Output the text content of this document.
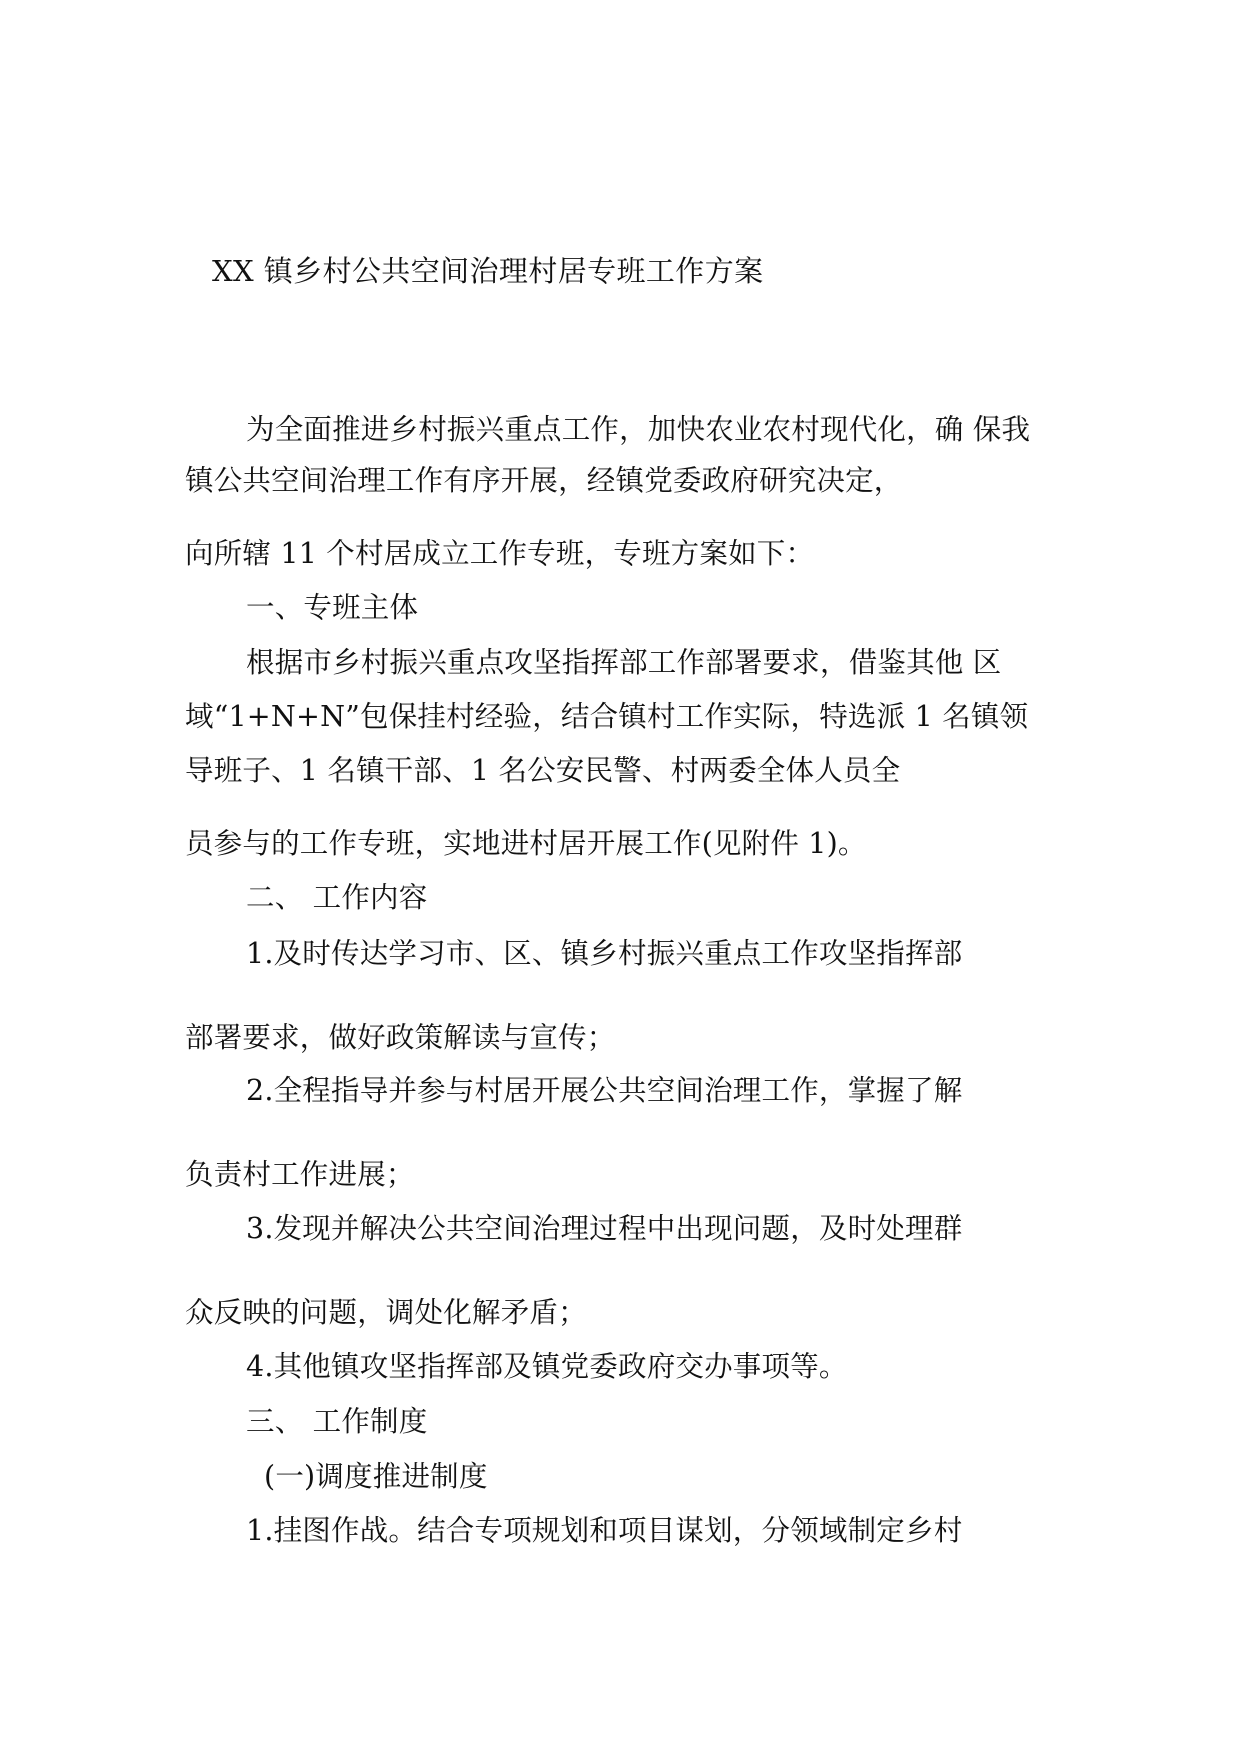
XX 镇乡村公共空间治理村居专班工作方案
为全面推进乡村振兴重点工作，加快农业农村现代化，确 保我
镇公共空间治理工作有序开展，经镇党委政府研究决定，
向所辖 11 个村居成立工作专班，专班方案如下：
一、专班主体
根据市乡村振兴重点攻坚指挥部工作部署要求，借鉴其他 区
域“1+N+N”包保挂村经验，结合镇村工作实际，特选派 1 名镇领
导班子、1 名镇干部、1 名公安民警、村两委全体人员全
员参与的工作专班，实地进村居开展工作(见附件 1)。
二、 工作内容
1.及时传达学习市、区、镇乡村振兴重点工作攻坚指挥部
部署要求，做好政策解读与宣传；
2.全程指导并参与村居开展公共空间治理工作，掌握了解
负责村工作进展；
3.发现并解决公共空间治理过程中出现问题，及时处理群
众反映的问题，调处化解矛盾；
4.其他镇攻坚指挥部及镇党委政府交办事项等。
三、 工作制度
(一)调度推进制度
1.挂图作战。结合专项规划和项目谋划，分领域制定乡村
